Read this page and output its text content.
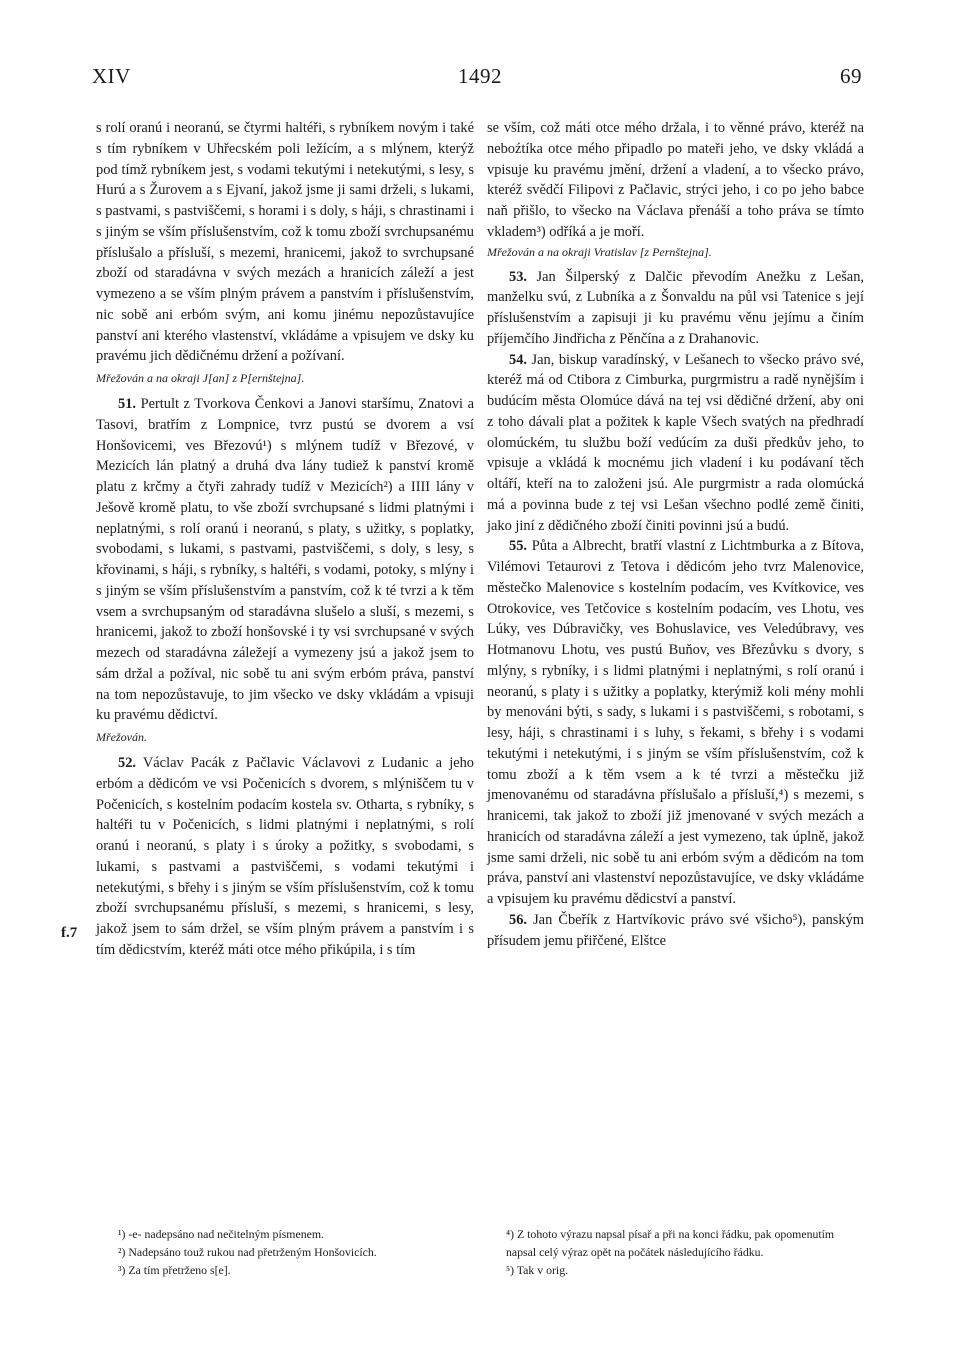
XIV	1492	69
f.7

s rolí oranú i neoranú, se čtyrmi haltéři, s rybníkem novým i také s tím rybníkem v Uhřecském poli ležícím, a s mlýnem, kterýž pod tímž rybníkem jest, s vodami tekutými i netekutými, s lesy, s Hurú a s Žurovem a s Ejvaní, jakož jsme ji sami drželi, s lukami, s pastvami, s pastviščemi, s horami i s doly, s háji, s chrastinami i s jiným se vším příslušenstvím, což k tomu zboží svrchupsanému příslušalo a přísluší, s mezemi, hranicemi, jakož to svrchupsané zboží od staradávna v svých mezách a hranicích záleží a jest vymezeno a se vším plným právem a panstvím i příslušenstvím, nic sobě ani erbóm svým, ani komu jinému nepozůstavujíce panství ani kterého vlastenství, vkládáme a vpisujem ve dsky ku pravému jich dědičnému držení a požívaní.

Mřežován a na okraji J[an] z P[ernštejna].

51. Pertult z Tvorkova Čenkovi a Janovi staršímu, Znatovi a Tasovi, bratřím z Lompnice, tvrz pustú se dvorem a vsí Honšovicemi, ves Březovú¹) s mlýnem tudíž v Březové, v Mezicích lán platný a druhá dva lány tudiež k panství kromě platu z krčmy a čtyři zahrady tudíž v Mezicích²) a IIII lány v Ješově kromě platu, to vše zboží svrchupsané s lidmi platnými i neplatnými, s rolí oranú i neoranú, s platy, s užitky, s poplatky, svobodami, s lukami, s pastvami, pastviščemi, s doly, s lesy, s křovinami, s háji, s rybníky, s haltéři, s vodami, potoky, s mlýny i s jiným se vším příslušenstvím a panstvím, což k té tvrzi a k těm vsem a svrchupsaným od staradávna slušelo a sluší, s mezemi, s hranicemi, jakož to zboží honšovské i ty vsi svrchupsané v svých mezech od staradávna záležejí a vymezeny jsú a jakož jsem to sám držal a požíval, nic sobě tu ani svým erbóm práva, panství na tom nepozůstavuje, to jim všecko ve dsky vkládám a vpisuji ku pravému dědictví.

Mřežován.

52. Václav Pacák z Pačlavic Václavovi z Ludanic a jeho erbóm a dědicóm ve vsi Počenicích s dvorem, s mlýniščem tu v Počenicích, s kostelním podacím kostela sv. Otharta, s rybníky, s haltéři tu v Počenicích, s lidmi platnými i neplatnými, s rolí oranú i neoranú, s platy i s úroky a požitky, s svobodami, s lukami, s pastvami a pastviščemi, s vodami tekutými i netekutými, s břehy i s jiným se vším příslušenstvím, což k tomu zboží svrchupsanému přísluší, s mezemi, s hranicemi, s lesy, jakož jsem to sám držel, se vším plným právem a panstvím i s tím dědicstvím, kteréž máti otce mého přikúpila, i s tím

se vším, což máti otce mého držala, i to věnné právo, kteréž na neboźtíka otce mého připadlo po mateři jeho, ve dsky vkládá a vpisuje ku pravému jmění, držení a vladení, a to všecko právo, kteréž svědčí Filipovi z Pačlavic, strýci jeho, i co po jeho babce naň přišlo, to všecko na Václava přenáší a toho práva se tímto vkladem³) odříká a je moří.

Mřežován a na okraji Vratislav [z Pernštejna].

53. Jan Šilperský z Dalčic převodím Anežku z Lešan, manželku svú, z Lubníka a z Šonvaldu na půl vsi Tatenice s její příslušenstvím a zapisuji ji ku pravému věnu jejímu a činím příjemčího Jindřicha z Pěnčína a z Drahanovic.

54. Jan, biskup varadínský, v Lešanech to všecko právo své, kteréž má od Ctibora z Cimburka, purgrmistru a radě nynějším i budúcím města Olomúce dává na tej vsi dědičné držení, aby oni z toho dávali plat a požitek k kaple Všech svatých na předhradí olomúckém, tu službu boží vedúcím za duši předkův jeho, to vpisuje a vkládá k mocnému jich vladení i ku podávaní těch oltáří, kteří na to založeni jsú. Ale purgrmistr a rada olomúcká má a povinna bude z tej vsi Lešan všechno podlé země činiti, jako jiní z dědičného zboží činiti povinni jsú a budú.

55. Půta a Albrecht, bratří vlastní z Lichtmburka a z Bítova, Vilémovi Tetaurovi z Tetova i dědicóm jeho tvrz Malenovice, městečko Malenovice s kostelním podacím, ves Kvítkovice, ves Otrokovice, ves Tetčovice s kostelním podacím, ves Lhotu, ves Lúky, ves Dúbravičky, ves Bohuslavice, ves Veledúbravy, ves Hotmanovu Lhotu, ves pustú Buňov, ves Březůvku s dvory, s mlýny, s rybníky, i s lidmi platnými i neplatnými, s rolí oranú i neoranú, s platy i s užitky a poplatky, kterýmiž koli mény mohli by menováni býti, s sady, s lukami i s pastviščemi, s robotami, s lesy, háji, s chrastinami i s luhy, s řekami, s břehy i s vodami tekutými i netekutými, i s jiným se vším příslušenstvím, což k tomu zboží a k těm vsem a k té tvrzi a městečku již jmenovanému od staradávna příslušalo a přísluší,⁴) s mezemi, s hranicemi, tak jakož to zboží již jmenované v svých mezách a hranicích od staradávna záleží a jest vymezeno, tak úplně, jakož jsme sami drželi, nic sobě tu ani erbóm svým a dědicóm na tom práva, panství ani vlastenství nepozůstavujíce, ve dsky vkládáme a vpisujem ku pravému dědicství a panství.

56. Jan Čbeřík z Hartvíkovic právo své všicho⁵), panským přísudem jemu přiřčené, Elštce

¹) -e- nadepsáno nad nečitelným písmenem.
²) Nadepsáno touž rukou nad přetrženým Honšovicích.
³) Za tím přetrženo s[e].
⁴) Z tohoto výrazu napsal písař a při na konci řádku, pak opomenutím napsal celý výraz opět na počátek následujícího řádku.
⁵) Tak v orig.
